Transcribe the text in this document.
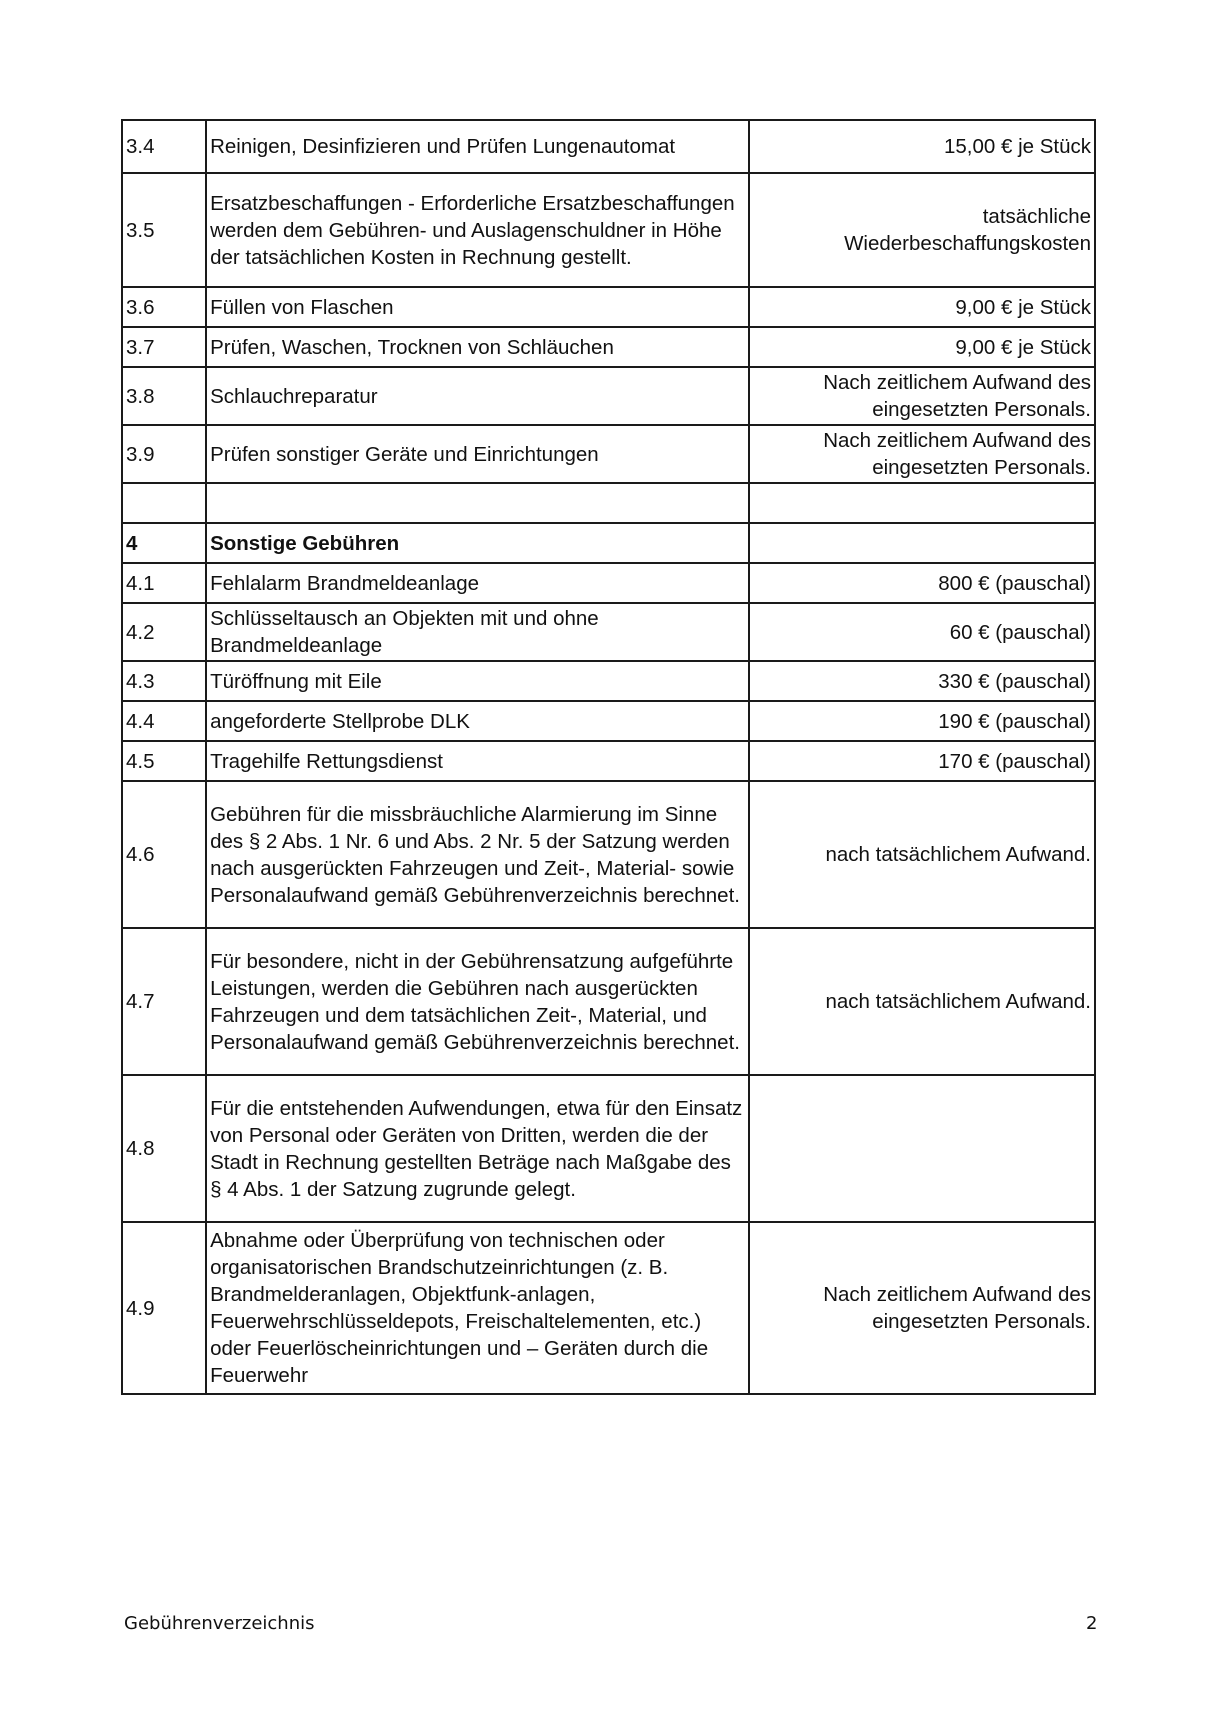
3.4	Reinigen, Desinfizieren und Prüfen Lungenautomat	15,00 € je Stück
3.5	Ersatzbeschaffungen - Erforderliche Ersatzbeschaffungen werden dem Gebühren- und Auslagenschuldner in Höhe der tatsächlichen Kosten in Rechnung gestellt.	tatsächliche Wiederbeschaffungskosten
3.6	Füllen von Flaschen	9,00 € je Stück
3.7	Prüfen, Waschen, Trocknen von Schläuchen	9,00 € je Stück
3.8	Schlauchreparatur	Nach zeitlichem Aufwand des eingesetzten Personals.
3.9	Prüfen sonstiger Geräte und Einrichtungen	Nach zeitlichem Aufwand des eingesetzten Personals.

4	Sonstige Gebühren	
4.1	Fehlalarm Brandmeldeanlage	800 € (pauschal)
4.2	Schlüsseltausch an Objekten mit und ohne Brandmeldeanlage	60 € (pauschal)
4.3	Türöffnung mit Eile	330 € (pauschal)
4.4	angeforderte Stellprobe DLK	190 € (pauschal)
4.5	Tragehilfe Rettungsdienst	170 € (pauschal)
4.6	Gebühren für die missbräuchliche Alarmierung im Sinne des § 2 Abs. 1 Nr. 6 und Abs. 2 Nr. 5 der Satzung werden nach ausgerückten Fahrzeugen und Zeit-, Material- sowie Personalaufwand gemäß Gebührenverzeichnis berechnet.	nach tatsächlichem Aufwand.
4.7	Für besondere, nicht in der Gebührensatzung aufgeführte Leistungen, werden die Gebühren nach ausgerückten Fahrzeugen und dem tatsächlichen Zeit-, Material, und Personalaufwand gemäß Gebührenverzeichnis berechnet.	nach tatsächlichem Aufwand.
4.8	Für die entstehenden Aufwendungen, etwa für den Einsatz von Personal oder Geräten von Dritten, werden die der Stadt in Rechnung gestellten Beträge nach Maßgabe des § 4 Abs. 1 der Satzung zugrunde gelegt.	
4.9	Abnahme oder Überprüfung von technischen oder organisatorischen Brandschutzeinrichtungen (z. B. Brandmelderanlagen, Objektfunk-anlagen, Feuerwehrschlüsseldepots, Freischaltelementen, etc.) oder Feuerlöscheinrichtungen und – Geräten durch die Feuerwehr	Nach zeitlichem Aufwand des eingesetzten Personals.
Gebührenverzeichnis	2
